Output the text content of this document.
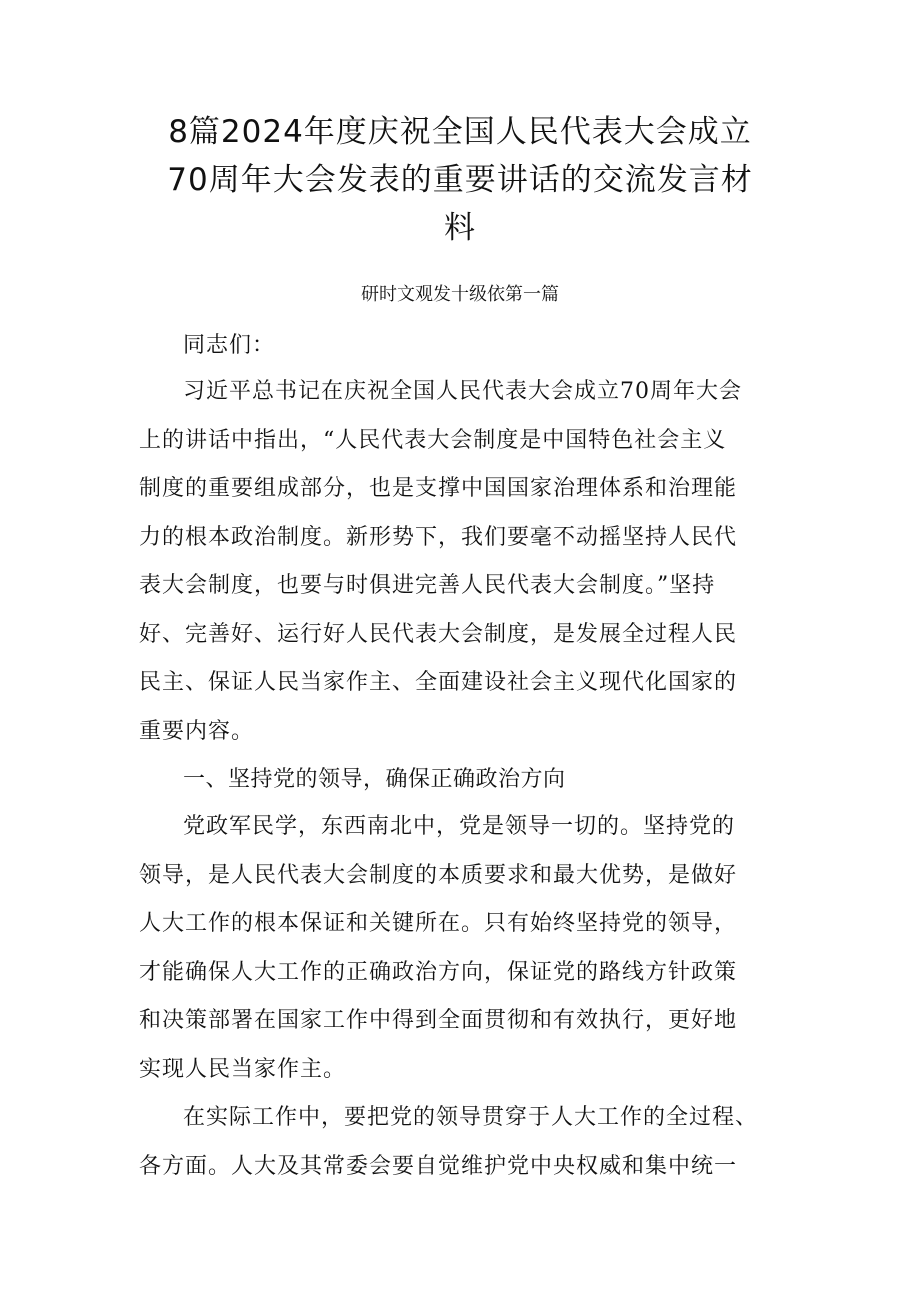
8篇2024年度庆祝全国人民代表大会成立
70周年大会发表的重要讲话的交流发言材
料
研时文观发十级依第一篇
同志们：
习近平总书记在庆祝全国人民代表大会成立70周年大会
上的讲话中指出，“人民代表大会制度是中国特色社会主义
制度的重要组成部分，也是支撑中国国家治理体系和治理能
力的根本政治制度。新形势下，我们要毫不动摇坚持人民代
表大会制度，也要与时俱进完善人民代表大会制度。”坚持
好、完善好、运行好人民代表大会制度，是发展全过程人民
民主、保证人民当家作主、全面建设社会主义现代化国家的
重要内容。
一、坚持党的领导，确保正确政治方向
党政军民学，东西南北中，党是领导一切的。坚持党的
领导，是人民代表大会制度的本质要求和最大优势，是做好
人大工作的根本保证和关键所在。只有始终坚持党的领导，
才能确保人大工作的正确政治方向，保证党的路线方针政策
和决策部署在国家工作中得到全面贯彻和有效执行，更好地
实现人民当家作主。
在实际工作中，要把党的领导贯穿于人大工作的全过程、
各方面。人大及其常委会要自觉维护党中央权威和集中统一
